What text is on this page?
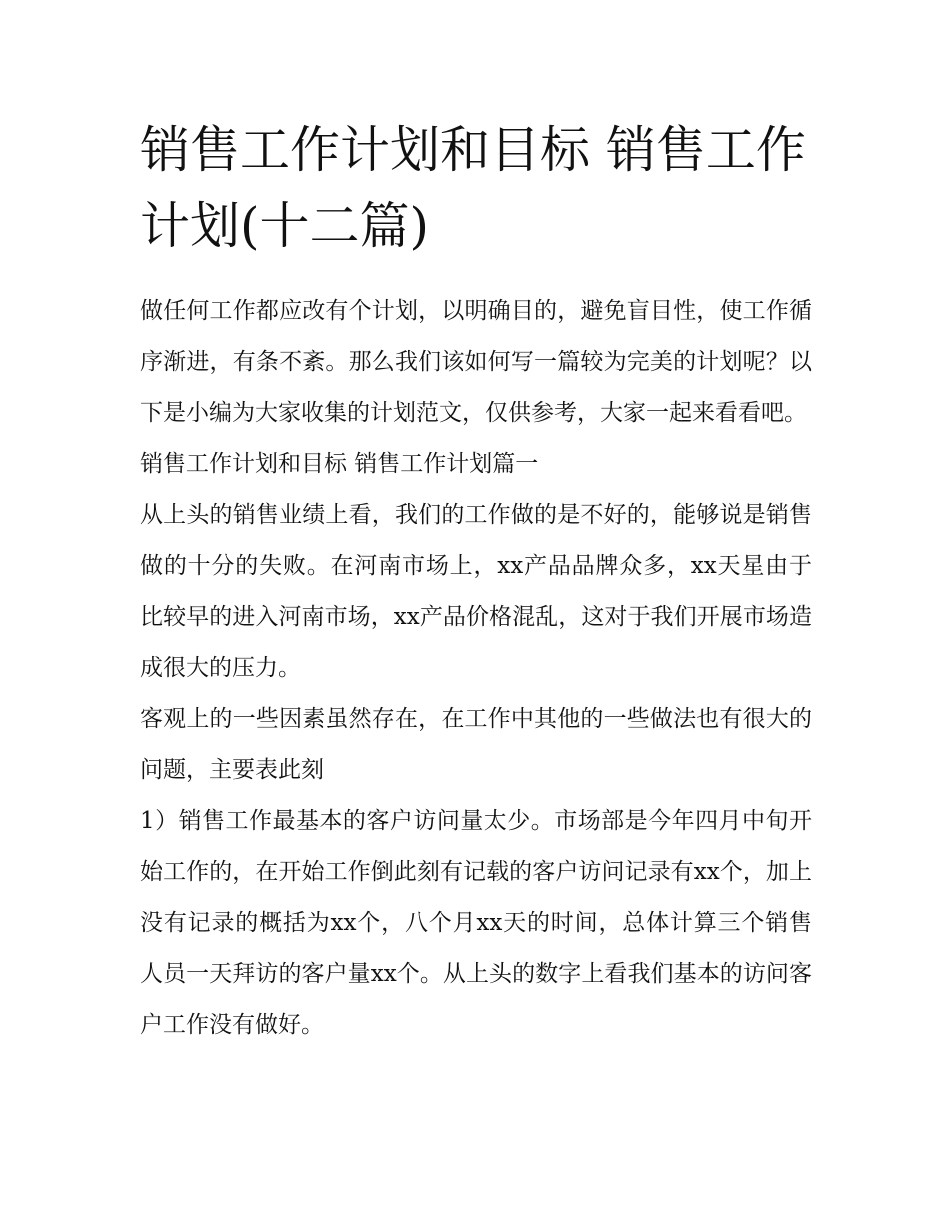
销售工作计划和目标 销售工作计划(十二篇)

做任何工作都应改有个计划，以明确目的，避免盲目性，使工作循序渐进，有条不紊。那么我们该如何写一篇较为完美的计划呢？以下是小编为大家收集的计划范文，仅供参考，大家一起来看看吧。

销售工作计划和目标 销售工作计划篇一

从上头的销售业绩上看，我们的工作做的是不好的，能够说是销售做的十分的失败。在河南市场上，xx产品品牌众多，xx天星由于比较早的进入河南市场，xx产品价格混乱，这对于我们开展市场造成很大的压力。

客观上的一些因素虽然存在，在工作中其他的一些做法也有很大的问题，主要表此刻

1）销售工作最基本的客户访问量太少。市场部是今年四月中旬开始工作的，在开始工作倒此刻有记载的客户访问记录有xx个，加上没有记录的概括为xx个，八个月xx天的时间，总体计算三个销售人员一天拜访的客户量xx个。从上头的数字上看我们基本的访问客户工作没有做好。
